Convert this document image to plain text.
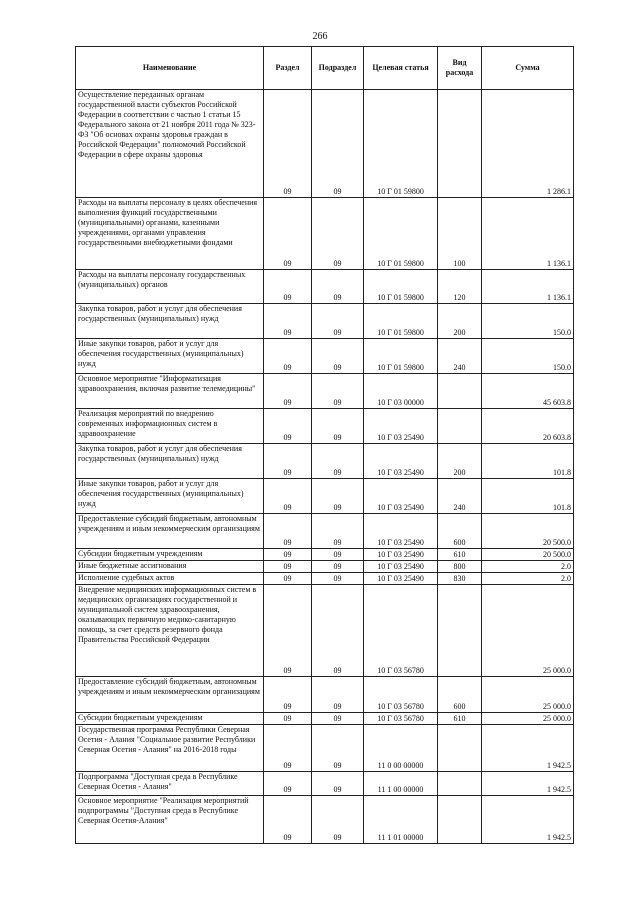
266
Наименование	Раздел	Подраздел	Целевая статья	Вид расхода	Сумма
Осуществление переданных органам государственной власти субъектов Российской Федерации в соответствии с частью 1 статьи 15 Федерального закона от 21 ноября 2011 года № 323-ФЗ "Об основах охраны здоровья граждан в Российской Федерации" полномочий Российской Федерации в сфере охраны здоровья	09	09	10 Г 01 59800		1 286.1
Расходы на выплаты персоналу в целях обеспечения выполнения функций государственными (муниципальными) органами, казенными учреждениями, органами управления государственными внебюджетными фондами	09	09	10 Г 01 59800	100	1 136.1
Расходы на выплаты персоналу государственных (муниципальных) органов	09	09	10 Г 01 59800	120	1 136.1
Закупка товаров, работ и услуг для обеспечения государственных (муниципальных) нужд	09	09	10 Г 01 59800	200	150.0
Иные закупки товаров, работ и услуг для обеспечения государственных (муниципальных) нужд	09	09	10 Г 01 59800	240	150.0
Основное мероприятие "Информатизация здравоохранения, включая развитие телемедицины"	09	09	10 Г 03 00000		45 603.8
Реализация мероприятий по внедрению современных информационных систем в здравоохранение	09	09	10 Г 03 25490		20 603.8
Закупка товаров, работ и услуг для обеспечения государственных (муниципальных) нужд	09	09	10 Г 03 25490	200	101.8
Иные закупки товаров, работ и услуг для обеспечения государственных (муниципальных) нужд	09	09	10 Г 03 25490	240	101.8
Предоставление субсидий бюджетным, автономным учреждениям и иным некоммерческим организациям	09	09	10 Г 03 25490	600	20 500.0
Субсидии бюджетным учреждениям	09	09	10 Г 03 25490	610	20 500.0
Иные бюджетные ассигнования	09	09	10 Г 03 25490	800	2.0
Исполнение судебных актов	09	09	10 Г 03 25490	830	2.0
Внедрение медицинских информационных систем в медицинских организациях государственной и муниципальной систем здравоохранения, оказывающих первичную медико-санитарную помощь, за счет средств резервного фонда Правительства Российской Федерации	09	09	10 Г 03 56780		25 000.0
Предоставление субсидий бюджетным, автономным учреждениям и иным некоммерческим организациям	09	09	10 Г 03 56780	600	25 000.0
Субсидии бюджетным учреждениям	09	09	10 Г 03 56780	610	25 000.0
Государственная программа Республики Северная Осетия - Алания "Социальное развитие Республики Северная Осетия - Алания" на 2016-2018 годы	09	09	11 0 00 00000		1 942.5
Подпрограмма "Доступная среда в Республике Северная Осетия - Алания"	09	09	11 1 00 00000		1 942.5
Основное мероприятие "Реализация мероприятий подпрограммы "Доступная среда в Республике Северная Осетия-Алания"	09	09	11 1 01 00000		1 942.5
